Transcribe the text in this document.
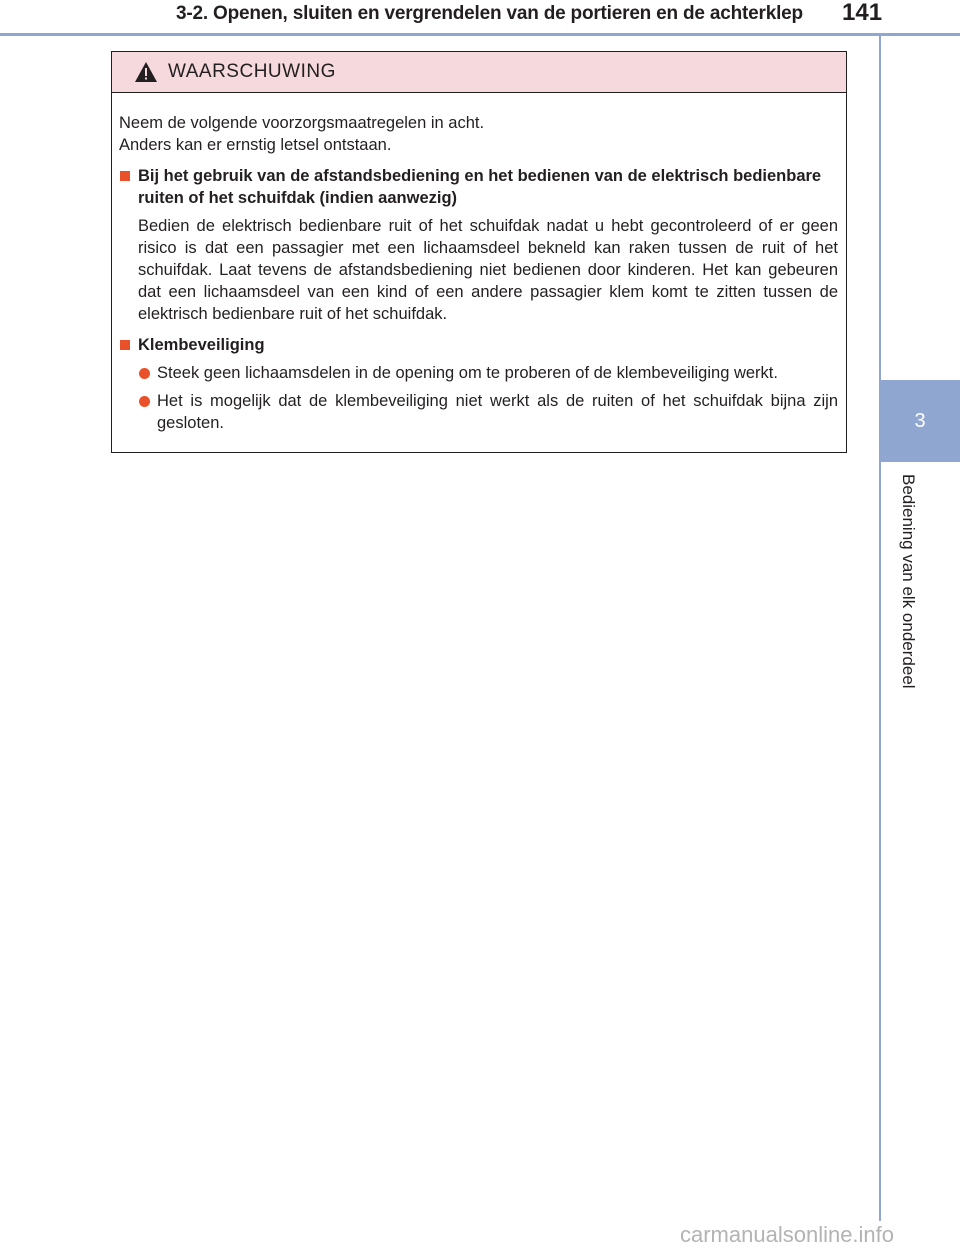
3-2. Openen, sluiten en vergrendelen van de portieren en de achterklep 141
3
Bediening van elk onderdeel
WAARSCHUWING

Neem de volgende voorzorgsmaatregelen in acht.

Anders kan er ernstig letsel ontstaan.

Bij het gebruik van de afstandsbediening en het bedienen van de elektrisch bedienbare ruiten of het schuifdak (indien aanwezig)
Bedien de elektrisch bedienbare ruit of het schuifdak nadat u hebt gecontroleerd of er geen risico is dat een passagier met een lichaamsdeel bekneld kan raken tussen de ruit of het schuifdak. Laat tevens de afstandsbediening niet bedienen door kinderen. Het kan gebeuren dat een lichaamsdeel van een kind of een andere passagier klem komt te zitten tussen de elektrisch bedienbare ruit of het schuifdak.
Klembeveiliging
Steek geen lichaamsdelen in de opening om te proberen of de klembeveiliging werkt.
Het is mogelijk dat de klembeveiliging niet werkt als de ruiten of het schuifdak bijna zijn gesloten.
carmanualsonline.info
